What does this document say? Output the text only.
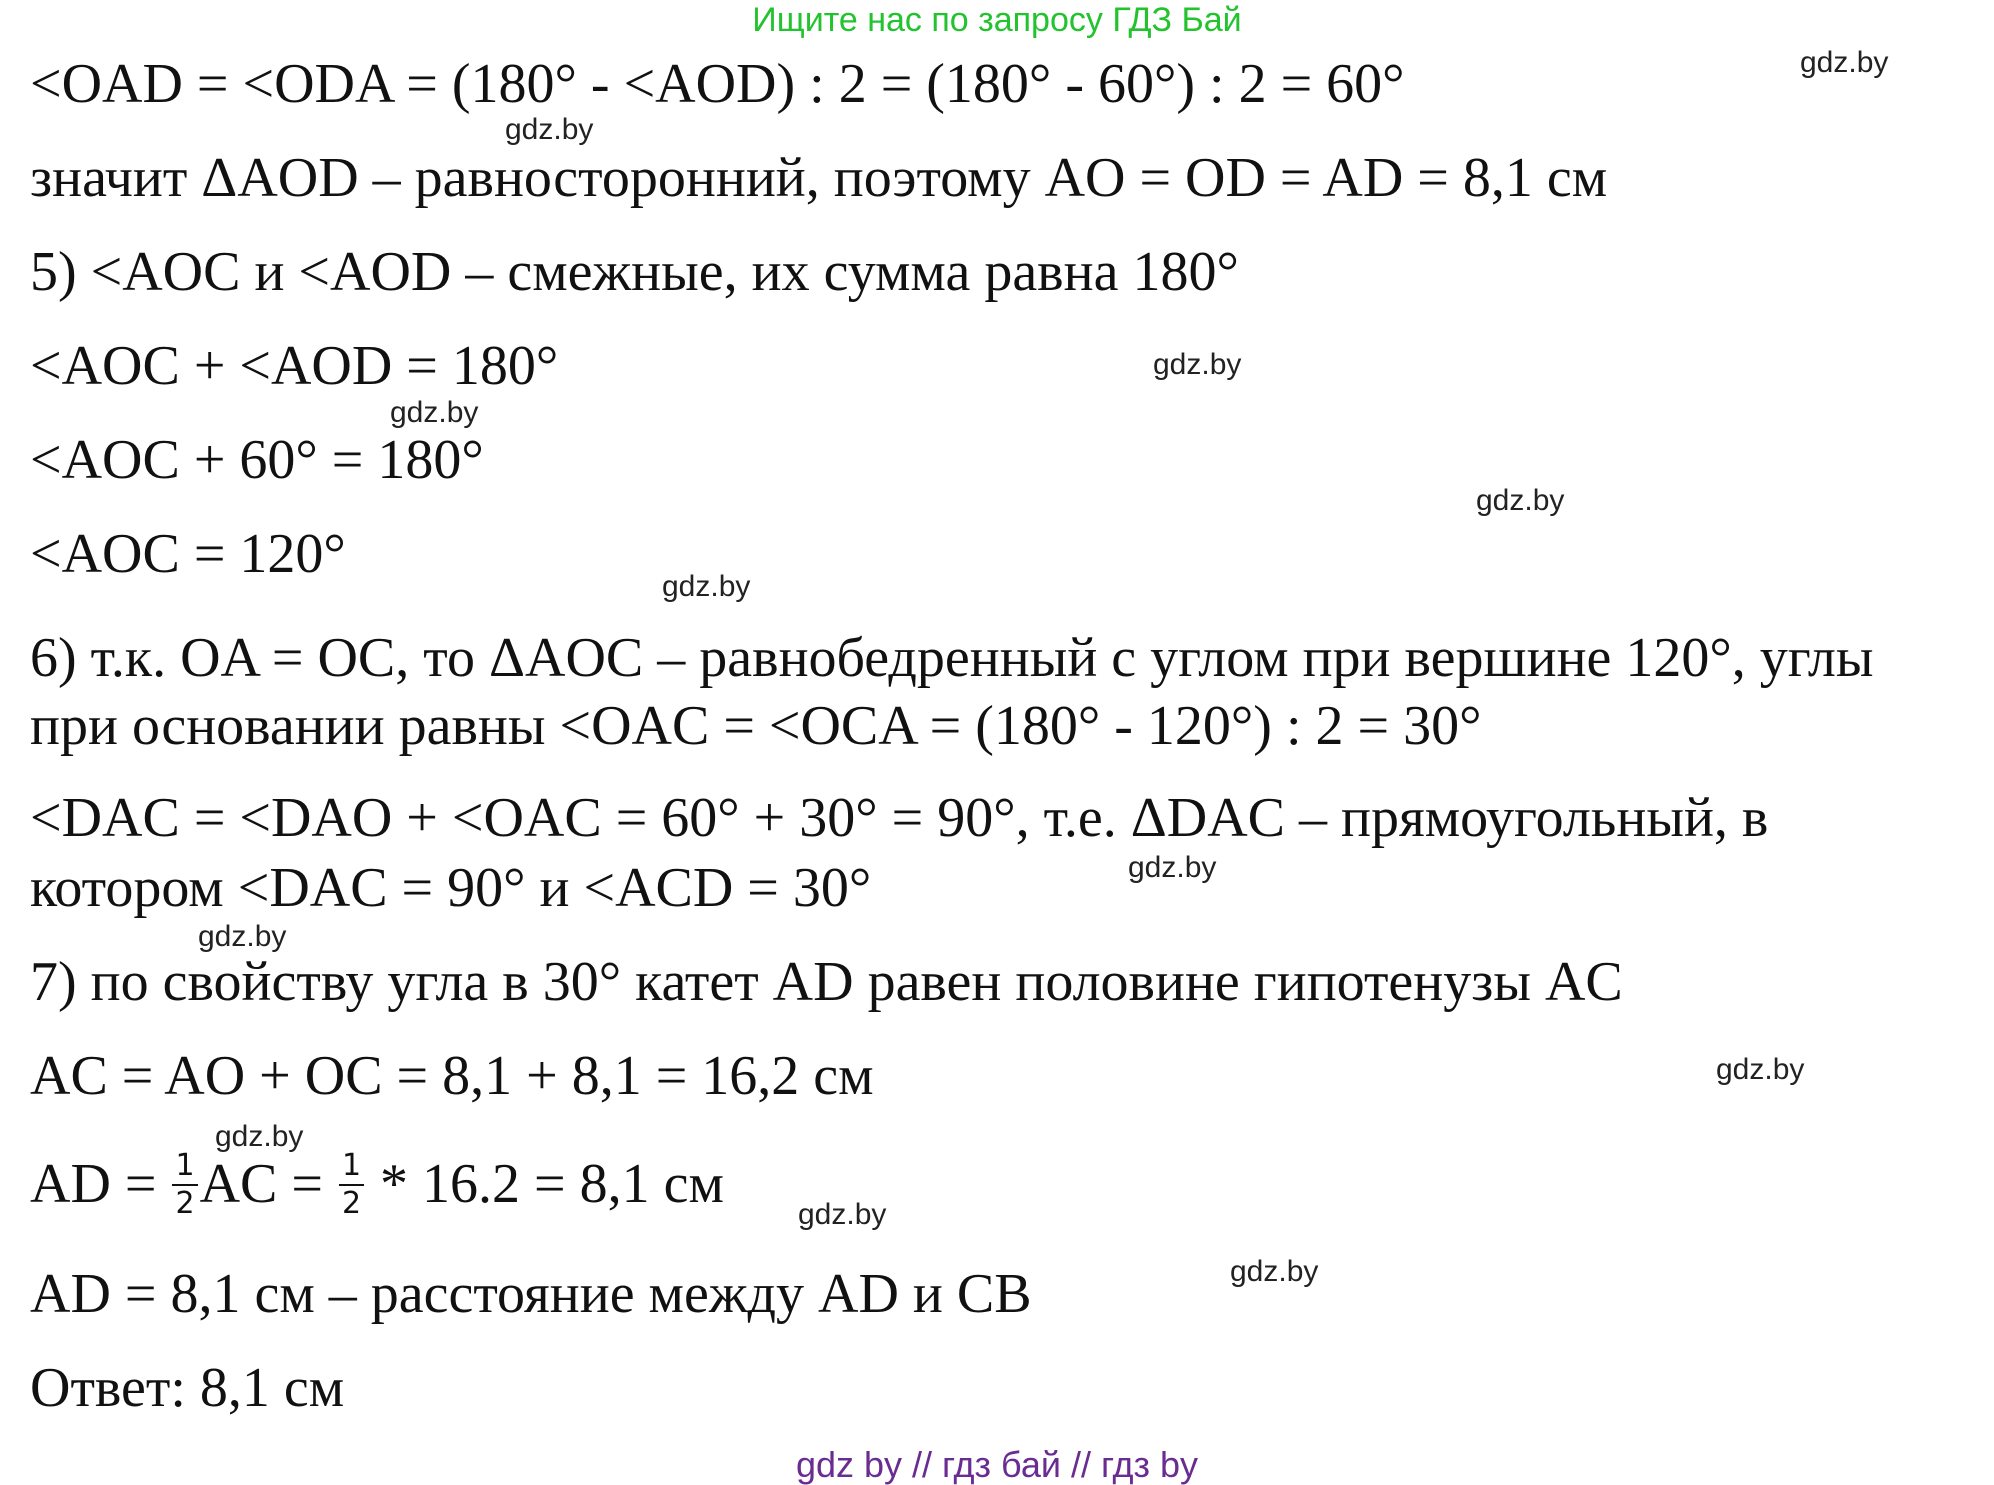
Ищите нас по запросу ГДЗ Бай
<OAD = <ODA = (180° - <AOD) : 2 = (180° - 60°) : 2 = 60°
значит ΔAOD – равносторонний, поэтому AO = OD = AD = 8,1 см
5) <AOC и <AOD – смежные, их сумма равна 180°
<AOC + <AOD = 180°
<AOC + 60° = 180°
<AOC = 120°
6) т.к. OA = OC, то ΔAOC – равнобедренный с углом при вершине 120°, углы
при основании равны <OAC = <OCA = (180° - 120°) : 2 = 30°
<DAC = <DAO + <OAC = 60° + 30° = 90°, т.е. ΔDAC – прямоугольный, в
котором <DAC = 90° и <ACD = 30°
7) по свойству угла в 30° катет AD равен половине гипотенузы AC
AC = AO + OC = 8,1 + 8,1 = 16,2 см
AD = $\frac{1}{2}$ AC = $\frac{1}{2} * 16.2 = 8,1$ см
AD = 8,1 см – расстояние между AD и CB
Ответ: 8,1 см
gdz.by
gdz.by
gdz.by
gdz.by
gdz.by
gdz.by
gdz.by
gdz.by
gdz.by
gdz.by
gdz.by
gdz.by
gdz by // гдз бай // гдз by
